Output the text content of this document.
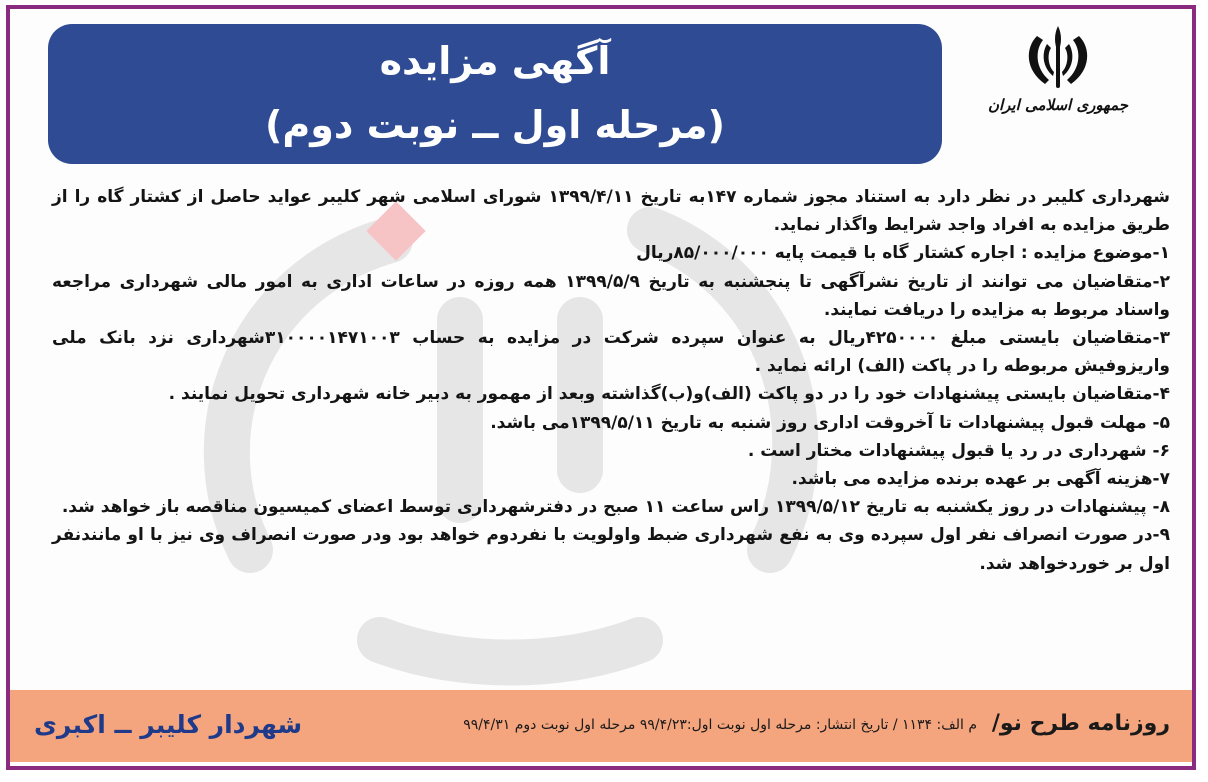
آگهی مزایده
(مرحله اول ــ نوبت دوم)	جمهوری اسلامی ایران

شهرداری کلیبر در نظر دارد به استناد مجوز شماره ۱۴۷به تاریخ ۱۳۹۹/۴/۱۱ شورای اسلامی شهر کلیبر عواید حاصل از کشتار گاه را از طریق مزایده به افراد واجد شرایط واگذار نماید.

۱-موضوع مزایده : اجاره کشتار گاه با قیمت پایه ۸۵/۰۰۰/۰۰۰ریال

۲-متقاضیان می توانند از تاریخ نشرآگهی تا پنجشنبه به تاریخ ۱۳۹۹/۵/۹ همه روزه در ساعات اداری به امور مالی شهرداری مراجعه واسناد مربوط به مزایده را دریافت نمایند.

۳-متقاضیان بایستی مبلغ ۴۲۵۰۰۰۰ریال به عنوان سپرده شرکت در مزایده به حساب ۳۱۰۰۰۰۱۴۷۱۰۰۳شهرداری نزد بانک ملی واریزوفیش مربوطه را در پاکت (الف) ارائه نماید .

۴-متقاضیان بایستی پیشنهادات خود را در دو پاکت (الف)و(ب)گذاشته وبعد از مهمور به دبیر خانه شهرداری تحویل نمایند .

۵- مهلت قبول پیشنهادات تا آخروقت اداری روز شنبه به تاریخ ۱۳۹۹/۵/۱۱می باشد.

۶- شهرداری در رد یا قبول پیشنهادات مختار است .

۷-هزینه آگهی بر عهده برنده مزایده می باشد.

۸- پیشنهادات در روز یکشنبه به تاریخ ۱۳۹۹/۵/۱۲ راس ساعت ۱۱ صبح در دفترشهرداری توسط اعضای کمیسیون مناقصه باز خواهد شد.

۹-در صورت انصراف نفر اول سپرده وی به نفع شهرداری ضبط واولویت با نفردوم خواهد بود ودر صورت انصراف وی نیز با او مانندنفر اول بر خوردخواهد شد.

روزنامه طرح نو/
م الف: ۱۱۳۴ / تاریخ انتشار: مرحله اول نوبت اول:۹۹/۴/۲۳ مرحله اول نوبت دوم ۹۹/۴/۳۱
شهردار کلیبر ــ اکبری
